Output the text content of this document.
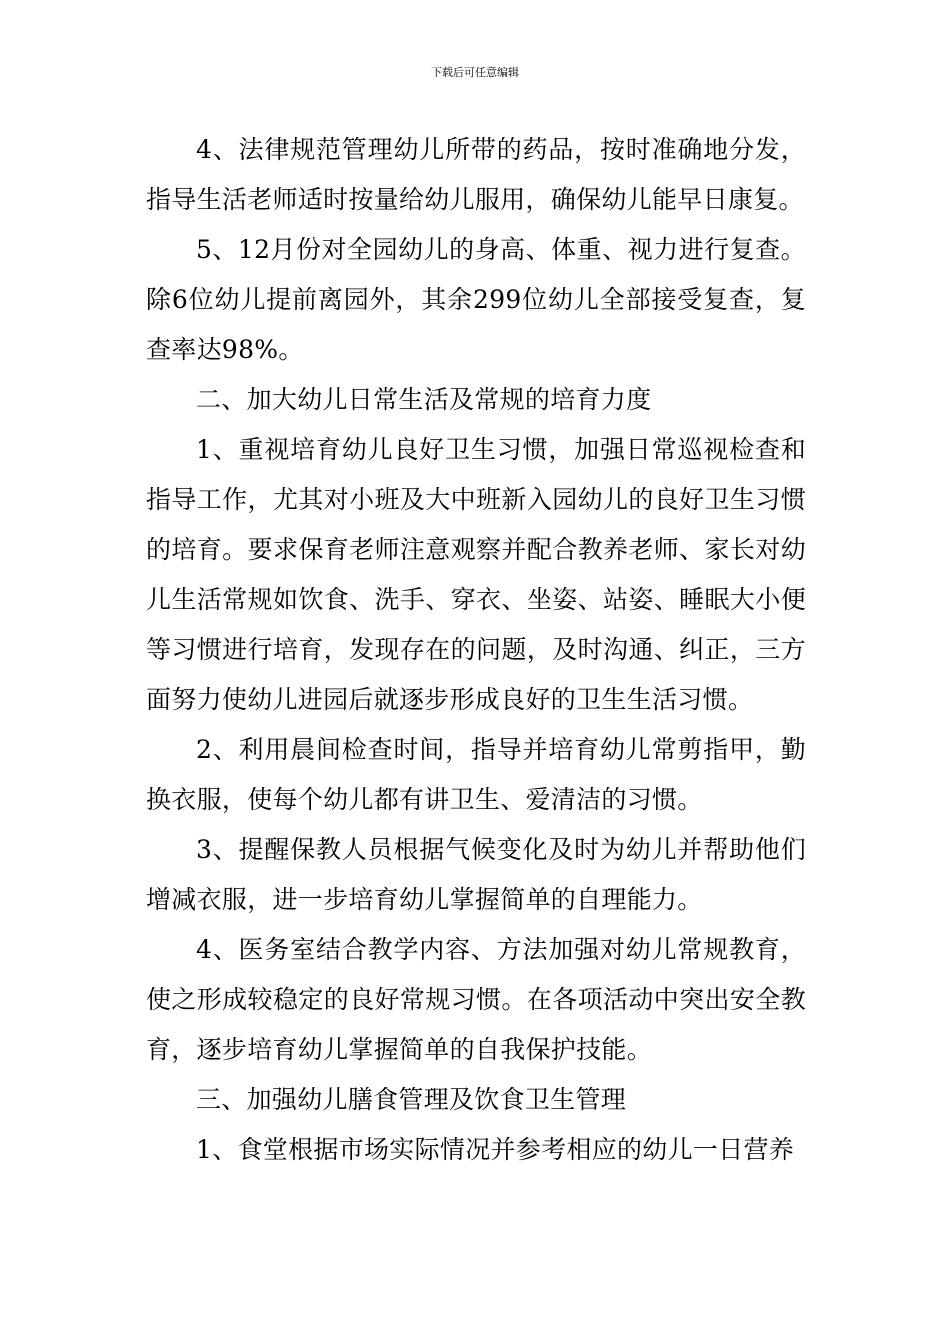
下载后可任意编辑

4、法律规范管理幼儿所带的药品，按时准确地分发，指导生活老师适时按量给幼儿服用，确保幼儿能早日康复。

5、12月份对全园幼儿的身高、体重、视力进行复查。除6位幼儿提前离园外，其余299位幼儿全部接受复查，复查率达98%。

二、加大幼儿日常生活及常规的培育力度

1、重视培育幼儿良好卫生习惯，加强日常巡视检查和指导工作，尤其对小班及大中班新入园幼儿的良好卫生习惯的培育。要求保育老师注意观察并配合教养老师、家长对幼儿生活常规如饮食、洗手、穿衣、坐姿、站姿、睡眠大小便等习惯进行培育，发现存在的问题，及时沟通、纠正，三方面努力使幼儿进园后就逐步形成良好的卫生生活习惯。

2、利用晨间检查时间，指导并培育幼儿常剪指甲，勤换衣服，使每个幼儿都有讲卫生、爱清洁的习惯。

3、提醒保教人员根据气候变化及时为幼儿并帮助他们增减衣服，进一步培育幼儿掌握简单的自理能力。

4、医务室结合教学内容、方法加强对幼儿常规教育，使之形成较稳定的良好常规习惯。在各项活动中突出安全教育，逐步培育幼儿掌握简单的自我保护技能。

三、加强幼儿膳食管理及饮食卫生管理

1、食堂根据市场实际情况并参考相应的幼儿一日营养
